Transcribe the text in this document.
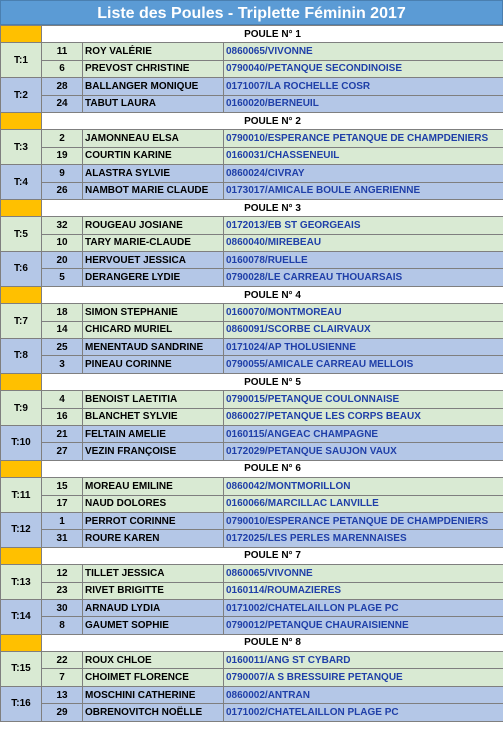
Liste des Poules - Triplette Féminin 2017
	POULE N° 1		
T:1	11	ROY VALÉRIE	0860065/VIVONNE
	6	PREVOST CHRISTINE	0790040/PETANQUE SECONDINOISE
T:2	28	BALLANGER MONIQUE	0171007/LA ROCHELLE COSR
	24	TABUT LAURA	0160020/BERNEUIL
	POULE N° 2		
T:3	2	JAMONNEAU ELSA	0790010/ESPERANCE PETANQUE DE CHAMPDENIERS
	19	COURTIN KARINE	0160031/CHASSENEUIL
T:4	9	ALASTRA SYLVIE	0860024/CIVRAY
	26	NAMBOT MARIE CLAUDE	0173017/AMICALE BOULE ANGERIENNE
	POULE N° 3		
T:5	32	ROUGEAU JOSIANE	0172013/EB ST GEORGEAIS
	10	TARY MARIE-CLAUDE	0860040/MIREBEAU
T:6	20	HERVOUET JESSICA	0160078/RUELLE
	5	DERANGERE LYDIE	0790028/LE CARREAU THOUARSAIS
	POULE N° 4		
T:7	18	SIMON STEPHANIE	0160070/MONTMOREAU
	14	CHICARD MURIEL	0860091/SCORBE CLAIRVAUX
T:8	25	MENENTAUD SANDRINE	0171024/AP THOLUSIENNE
	3	PINEAU CORINNE	0790055/AMICALE CARREAU MELLOIS
	POULE N° 5		
T:9	4	BENOIST LAETITIA	0790015/PETANQUE COULONNAISE
	16	BLANCHET SYLVIE	0860027/PETANQUE LES CORPS BEAUX
T:10	21	FELTAIN AMELIE	0160115/ANGEAC CHAMPAGNE
	27	VEZIN FRANÇOISE	0172029/PETANQUE SAUJON VAUX
	POULE N° 6		
T:11	15	MOREAU EMILINE	0860042/MONTMORILLON
	17	NAUD DOLORES	0160066/MARCILLAC LANVILLE
T:12	1	PERROT CORINNE	0790010/ESPERANCE PETANQUE DE CHAMPDENIERS
	31	ROURE KAREN	0172025/LES PERLES MARENNAISES
	POULE N° 7		
T:13	12	TILLET JESSICA	0860065/VIVONNE
	23	RIVET BRIGITTE	0160114/ROUMAZIERES
T:14	30	ARNAUD LYDIA	0171002/CHATELAILLON PLAGE PC
	8	GAUMET SOPHIE	0790012/PETANQUE CHAURAISIENNE
	POULE N° 8		
T:15	22	ROUX CHLOE	0160011/ANG ST CYBARD
	7	CHOIMET FLORENCE	0790007/A S BRESSUIRE PETANQUE
T:16	13	MOSCHINI CATHERINE	0860002/ANTRAN
	29	OBRENOVITCH NOËLLE	0171002/CHATELAILLON PLAGE PC
